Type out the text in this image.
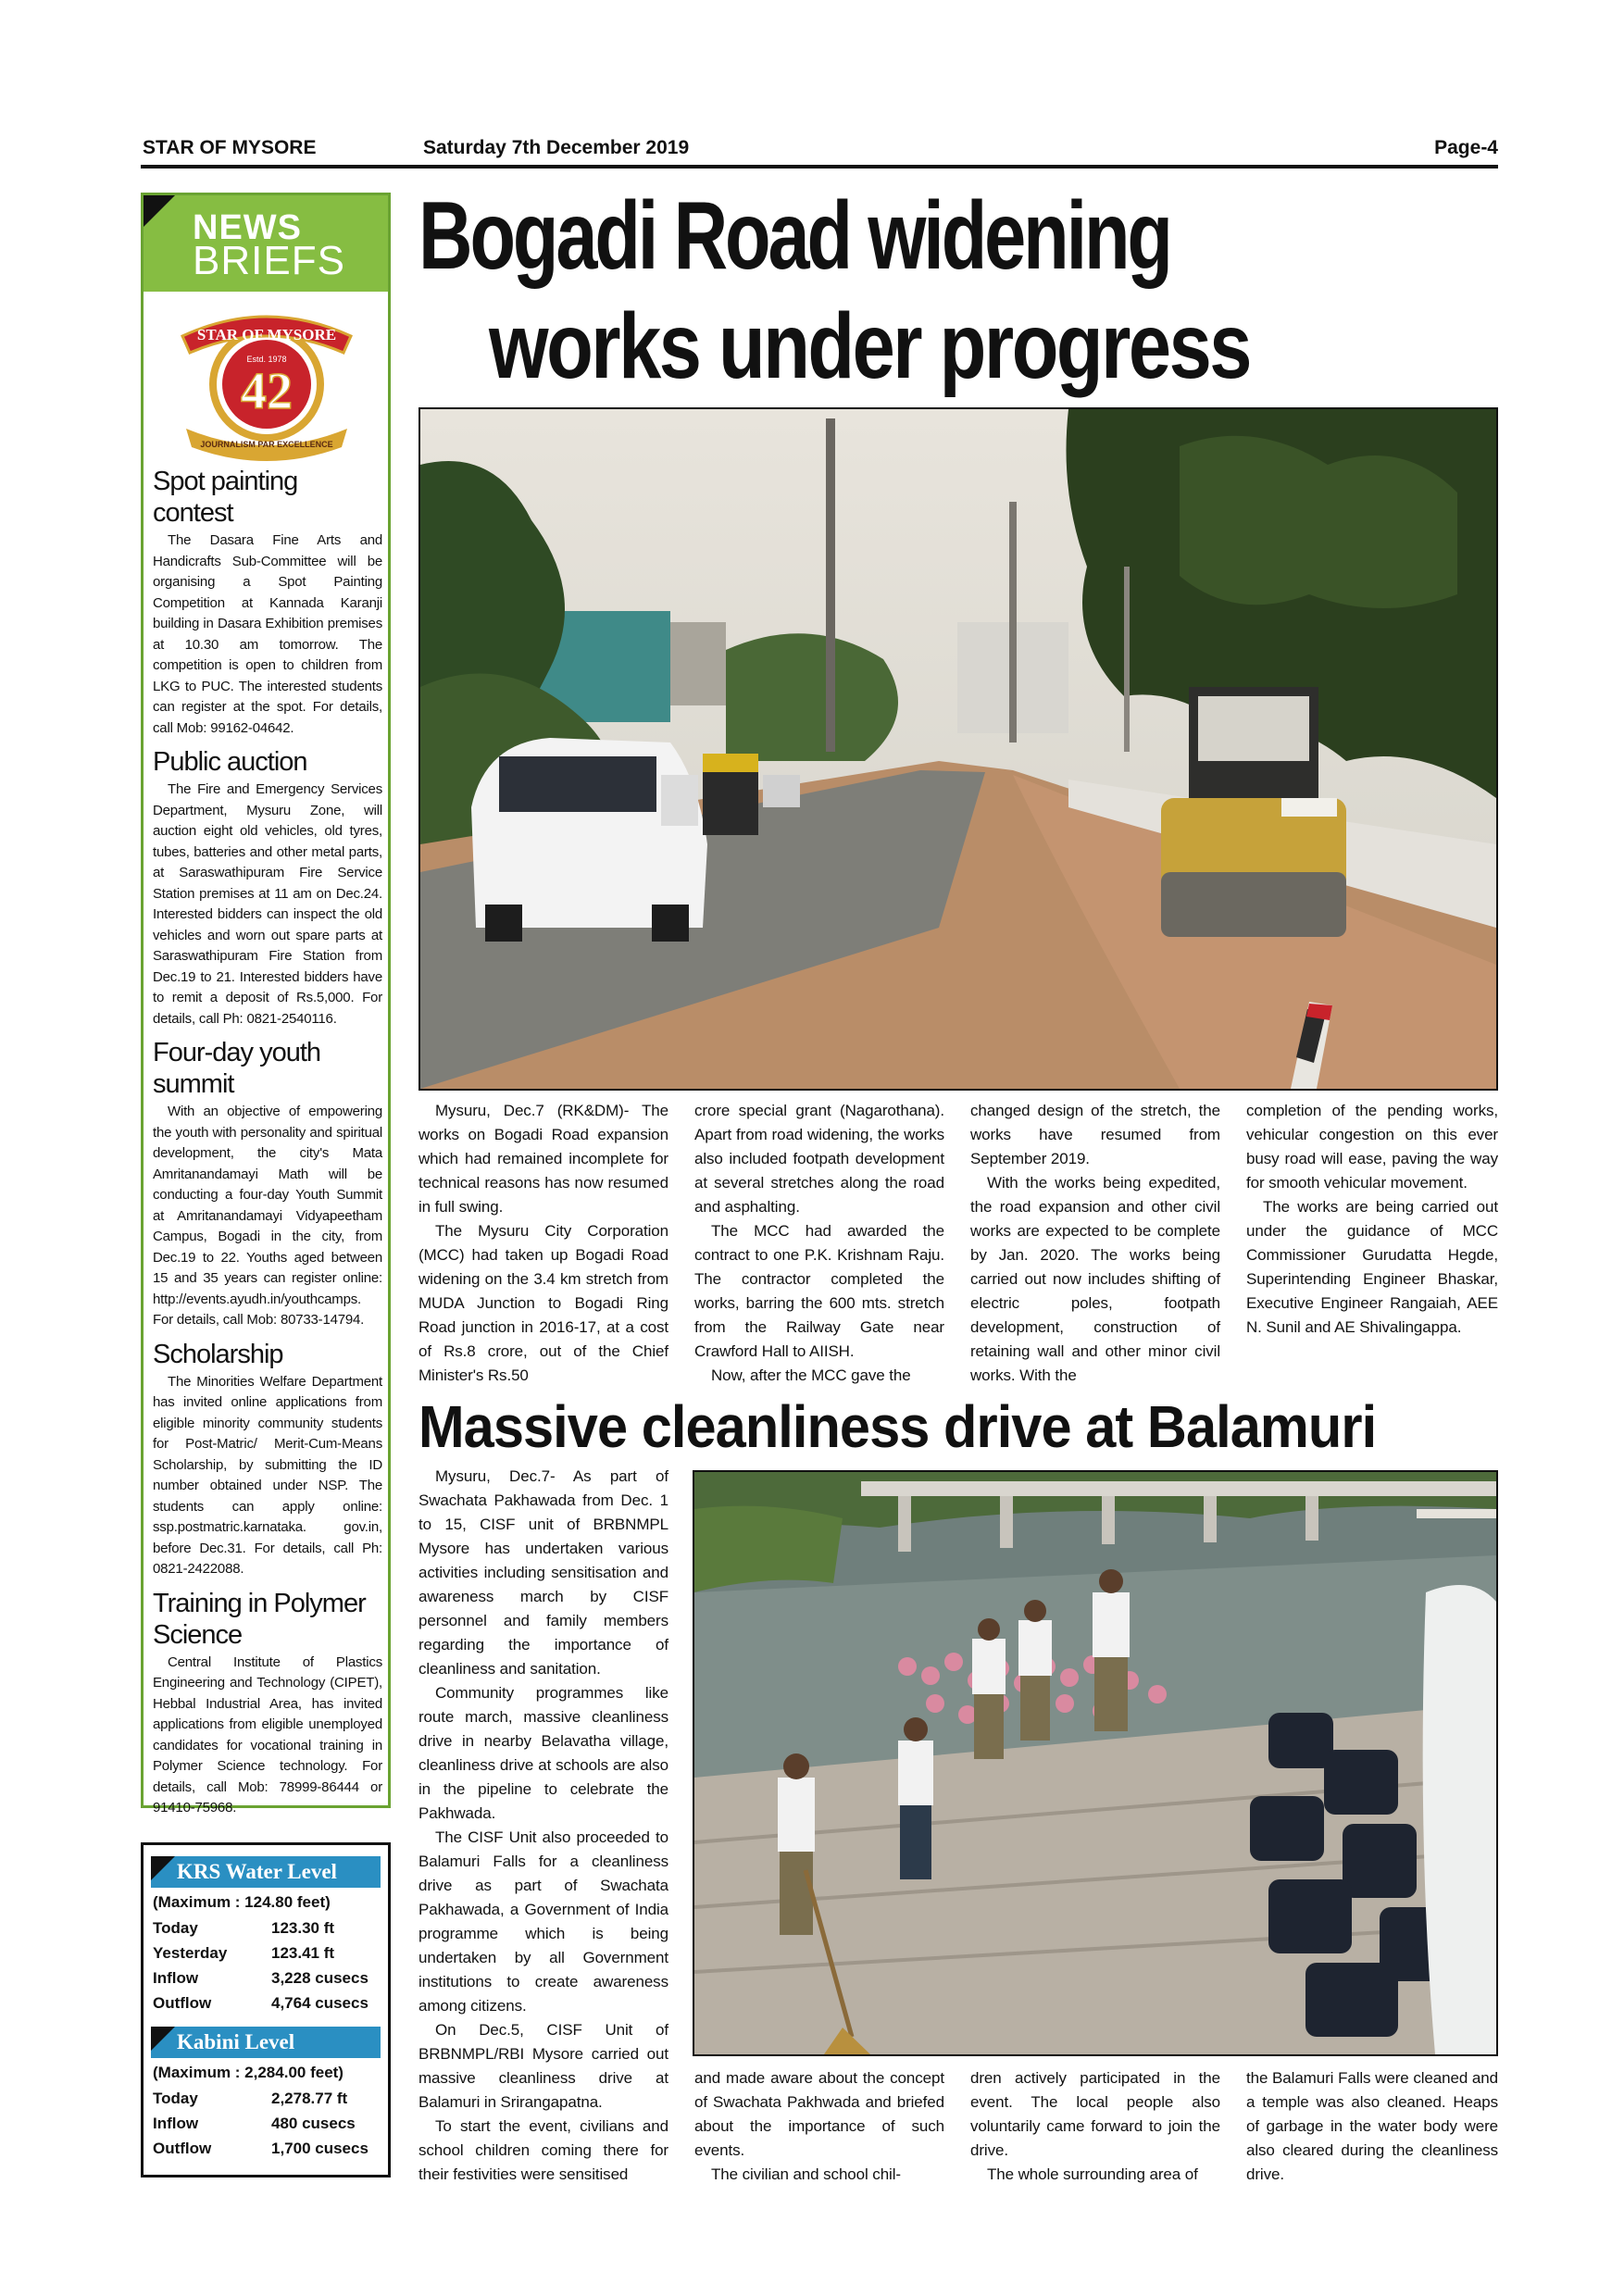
STAR OF MYSORE	Saturday 7th December 2019	Page-4
NEWS
BRIEFS
STAR OF MYSORE
Estd. 1978
42
JOURNALISM PAR EXCELLENCE
Spot painting contest

The Dasara Fine Arts and Handicrafts Sub-Committee will be organising a Spot Painting Competition at Kannada Karanji building in Dasara Exhibition premises at 10.30 am tomorrow. The competition is open to children from LKG to PUC. The interested students can register at the spot. For details, call Mob: 99162-04642.

Public auction

The Fire and Emergency Services Department, Mysuru Zone, will auction eight old vehicles, old tyres, tubes, batteries and other metal parts, at Saraswathipuram Fire Service Station premises at 11 am on Dec.24. Interested bidders can inspect the old vehicles and worn out spare parts at Saraswathipuram Fire Station from Dec.19 to 21. Interested bidders have to remit a deposit of Rs.5,000. For details, call Ph: 0821-2540116.

Four-day youth summit

With an objective of empowering the youth with personality and spiritual development, the city's Mata Amritanandamayi Math will be conducting a four-day Youth Summit at Amritanandamayi Vidyapeetham Campus, Bogadi in the city, from Dec.19 to 22. Youths aged between 15 and 35 years can register online: http://events.ayudh.in/youthcamps. For details, call Mob: 80733-14794.

Scholarship

The Minorities Welfare Department has invited online applications from eligible minority community students for Post-Matric/ Merit-Cum-Means Scholarship, by submitting the ID number obtained under NSP. The students can apply online: ssp.postmatric.karnataka. gov.in, before Dec.31. For details, call Ph: 0821-2422088.

Training in Polymer Science

Central Institute of Plastics Engineering and Technology (CIPET), Hebbal Industrial Area, has invited applications from eligible unemployed candidates for vocational training in Polymer Science technology. For details, call Mob: 78999-86444 or 91410-75968.

KRS Water Level
(Maximum : 124.80 feet)
Today	123.30 ft
Yesterday	123.41 ft
Inflow	3,228 cusecs
Outflow	4,764 cusecs
Kabini Level
(Maximum : 2,284.00 feet)
Today	2,278.77 ft
Inflow	480 cusecs
Outflow	1,700 cusecs
Bogadi Road widening
works under progress

Mysuru, Dec.7 (RK&DM)- The works on Bogadi Road expansion which had remained incomplete for technical reasons has now resumed in full swing.

The Mysuru City Corporation (MCC) had taken up Bogadi Road widening on the 3.4 km stretch from MUDA Junction to Bogadi Ring Road junction in 2016-17, at a cost of Rs.8 crore, out of the Chief Minister's Rs.50

crore special grant (Nagarothana). Apart from road widening, the works also included footpath development at several stretches along the road and asphalting.

The MCC had awarded the contract to one P.K. Krishnam Raju. The contractor completed the works, barring the 600 mts. stretch from the Railway Gate near Crawford Hall to AIISH.

Now, after the MCC gave the

changed design of the stretch, the works have resumed from September 2019.

With the works being expedited, the road expansion and other civil works are expected to be complete by Jan. 2020. The works being carried out now includes shifting of electric poles, footpath development, construction of retaining wall and other minor civil works. With the

completion of the pending works, vehicular congestion on this ever busy road will ease, paving the way for smooth vehicular movement.

The works are being carried out under the guidance of MCC Commissioner Gurudatta Hegde, Superintending Engineer Bhaskar, Executive Engineer Rangaiah, AEE N. Sunil and AE Shivalingappa.

Massive cleanliness drive at Balamuri

Mysuru, Dec.7- As part of Swachata Pakhawada from Dec. 1 to 15, CISF unit of BRBNMPL Mysore has undertaken various activities including sensitisation and awareness march by CISF personnel and family members regarding the importance of cleanliness and sanitation.

Community programmes like route march, massive cleanliness drive in nearby Belavatha village, cleanliness drive at schools are also in the pipeline to celebrate the Pakhwada.

The CISF Unit also proceeded to Balamuri Falls for a cleanliness drive as part of Swachata Pakhawada, a Government of India programme which is being undertaken by all Government institutions to create awareness among citizens.

On Dec.5, CISF Unit of BRBNMPL/RBI Mysore carried out massive cleanliness drive at Balamuri in Srirangapatna.

To start the event, civilians and school children coming there for their festivities were sensitised

and made aware about the concept of Swachata Pakhwada and briefed about the importance of such events.

The civilian and school chil-

dren actively participated in the event. The local people also voluntarily came forward to join the drive.

The whole surrounding area of

the Balamuri Falls were cleaned and a temple was also cleaned. Heaps of garbage in the water body were also cleared during the cleanliness drive.
